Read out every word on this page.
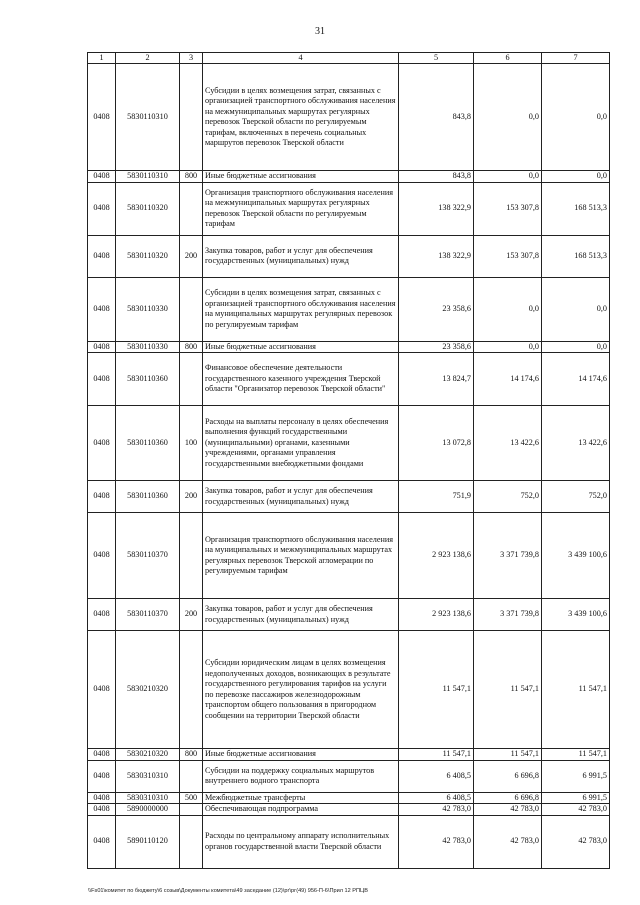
31
1	2	3	4	5	6	7
0408	5830110310		Субсидии в целях возмещения затрат, связанных с организацией транспортного обслуживания населения на межмуниципальных маршрутах регулярных перевозок Тверской области по регулируемым тарифам, включенных в перечень социальных маршрутов перевозок Тверской области	843,8	0,0	0,0
0408	5830110310	800	Иные бюджетные ассигнования	843,8	0,0	0,0
0408	5830110320		Организация транспортного обслуживания населения на межмуниципальных маршрутах регулярных перевозок Тверской области по регулируемым тарифам	138 322,9	153 307,8	168 513,3
0408	5830110320	200	Закупка товаров, работ и услуг для обеспечения государственных (муниципальных) нужд	138 322,9	153 307,8	168 513,3
0408	5830110330		Субсидии в целях возмещения затрат, связанных с организацией транспортного обслуживания населения на муниципальных маршрутах регулярных перевозок по регулируемым тарифам	23 358,6	0,0	0,0
0408	5830110330	800	Иные бюджетные ассигнования	23 358,6	0,0	0,0
0408	5830110360		Финансовое обеспечение деятельности государственного казенного учреждения Тверской области "Организатор перевозок Тверской области"	13 824,7	14 174,6	14 174,6
0408	5830110360	100	Расходы на выплаты персоналу в целях обеспечения выполнения функций государственными (муниципальными) органами, казенными учреждениями, органами управления государственными внебюджетными фондами	13 072,8	13 422,6	13 422,6
0408	5830110360	200	Закупка товаров, работ и услуг для обеспечения государственных (муниципальных) нужд	751,9	752,0	752,0
0408	5830110370		Организация транспортного обслуживания населения на муниципальных и межмуниципальных маршрутах регулярных перевозок Тверской агломерации по регулируемым тарифам	2 923 138,6	3 371 739,8	3 439 100,6
0408	5830110370	200	Закупка товаров, работ и услуг для обеспечения государственных (муниципальных) нужд	2 923 138,6	3 371 739,8	3 439 100,6
0408	5830210320		Субсидии юридическим лицам в целях возмещения недополученных доходов, возникающих в результате государственного регулирования тарифов на услуги по перевозке пассажиров железнодорожным транспортом общего пользования в пригородном сообщении на территории Тверской области	11 547,1	11 547,1	11 547,1
0408	5830210320	800	Иные бюджетные ассигнования	11 547,1	11 547,1	11 547,1
0408	5830310310		Субсидии на поддержку социальных маршрутов внутреннего водного транспорта	6 408,5	6 696,8	6 991,5
0408	5830310310	500	Межбюджетные трансферты	6 408,5	6 696,8	6 991,5
0408	5890000000		Обеспечивающая подпрограмма	42 783,0	42 783,0	42 783,0
0408	5890110120		Расходы по центральному аппарату исполнительных органов государственной власти Тверской области	42 783,0	42 783,0	42 783,0
\\Fs01\комитет по бюджету\6 созыв\Документы комитета\49 заседание (12)\рг\рг(49) 956-П-6\Прил 12 РПЦВ
